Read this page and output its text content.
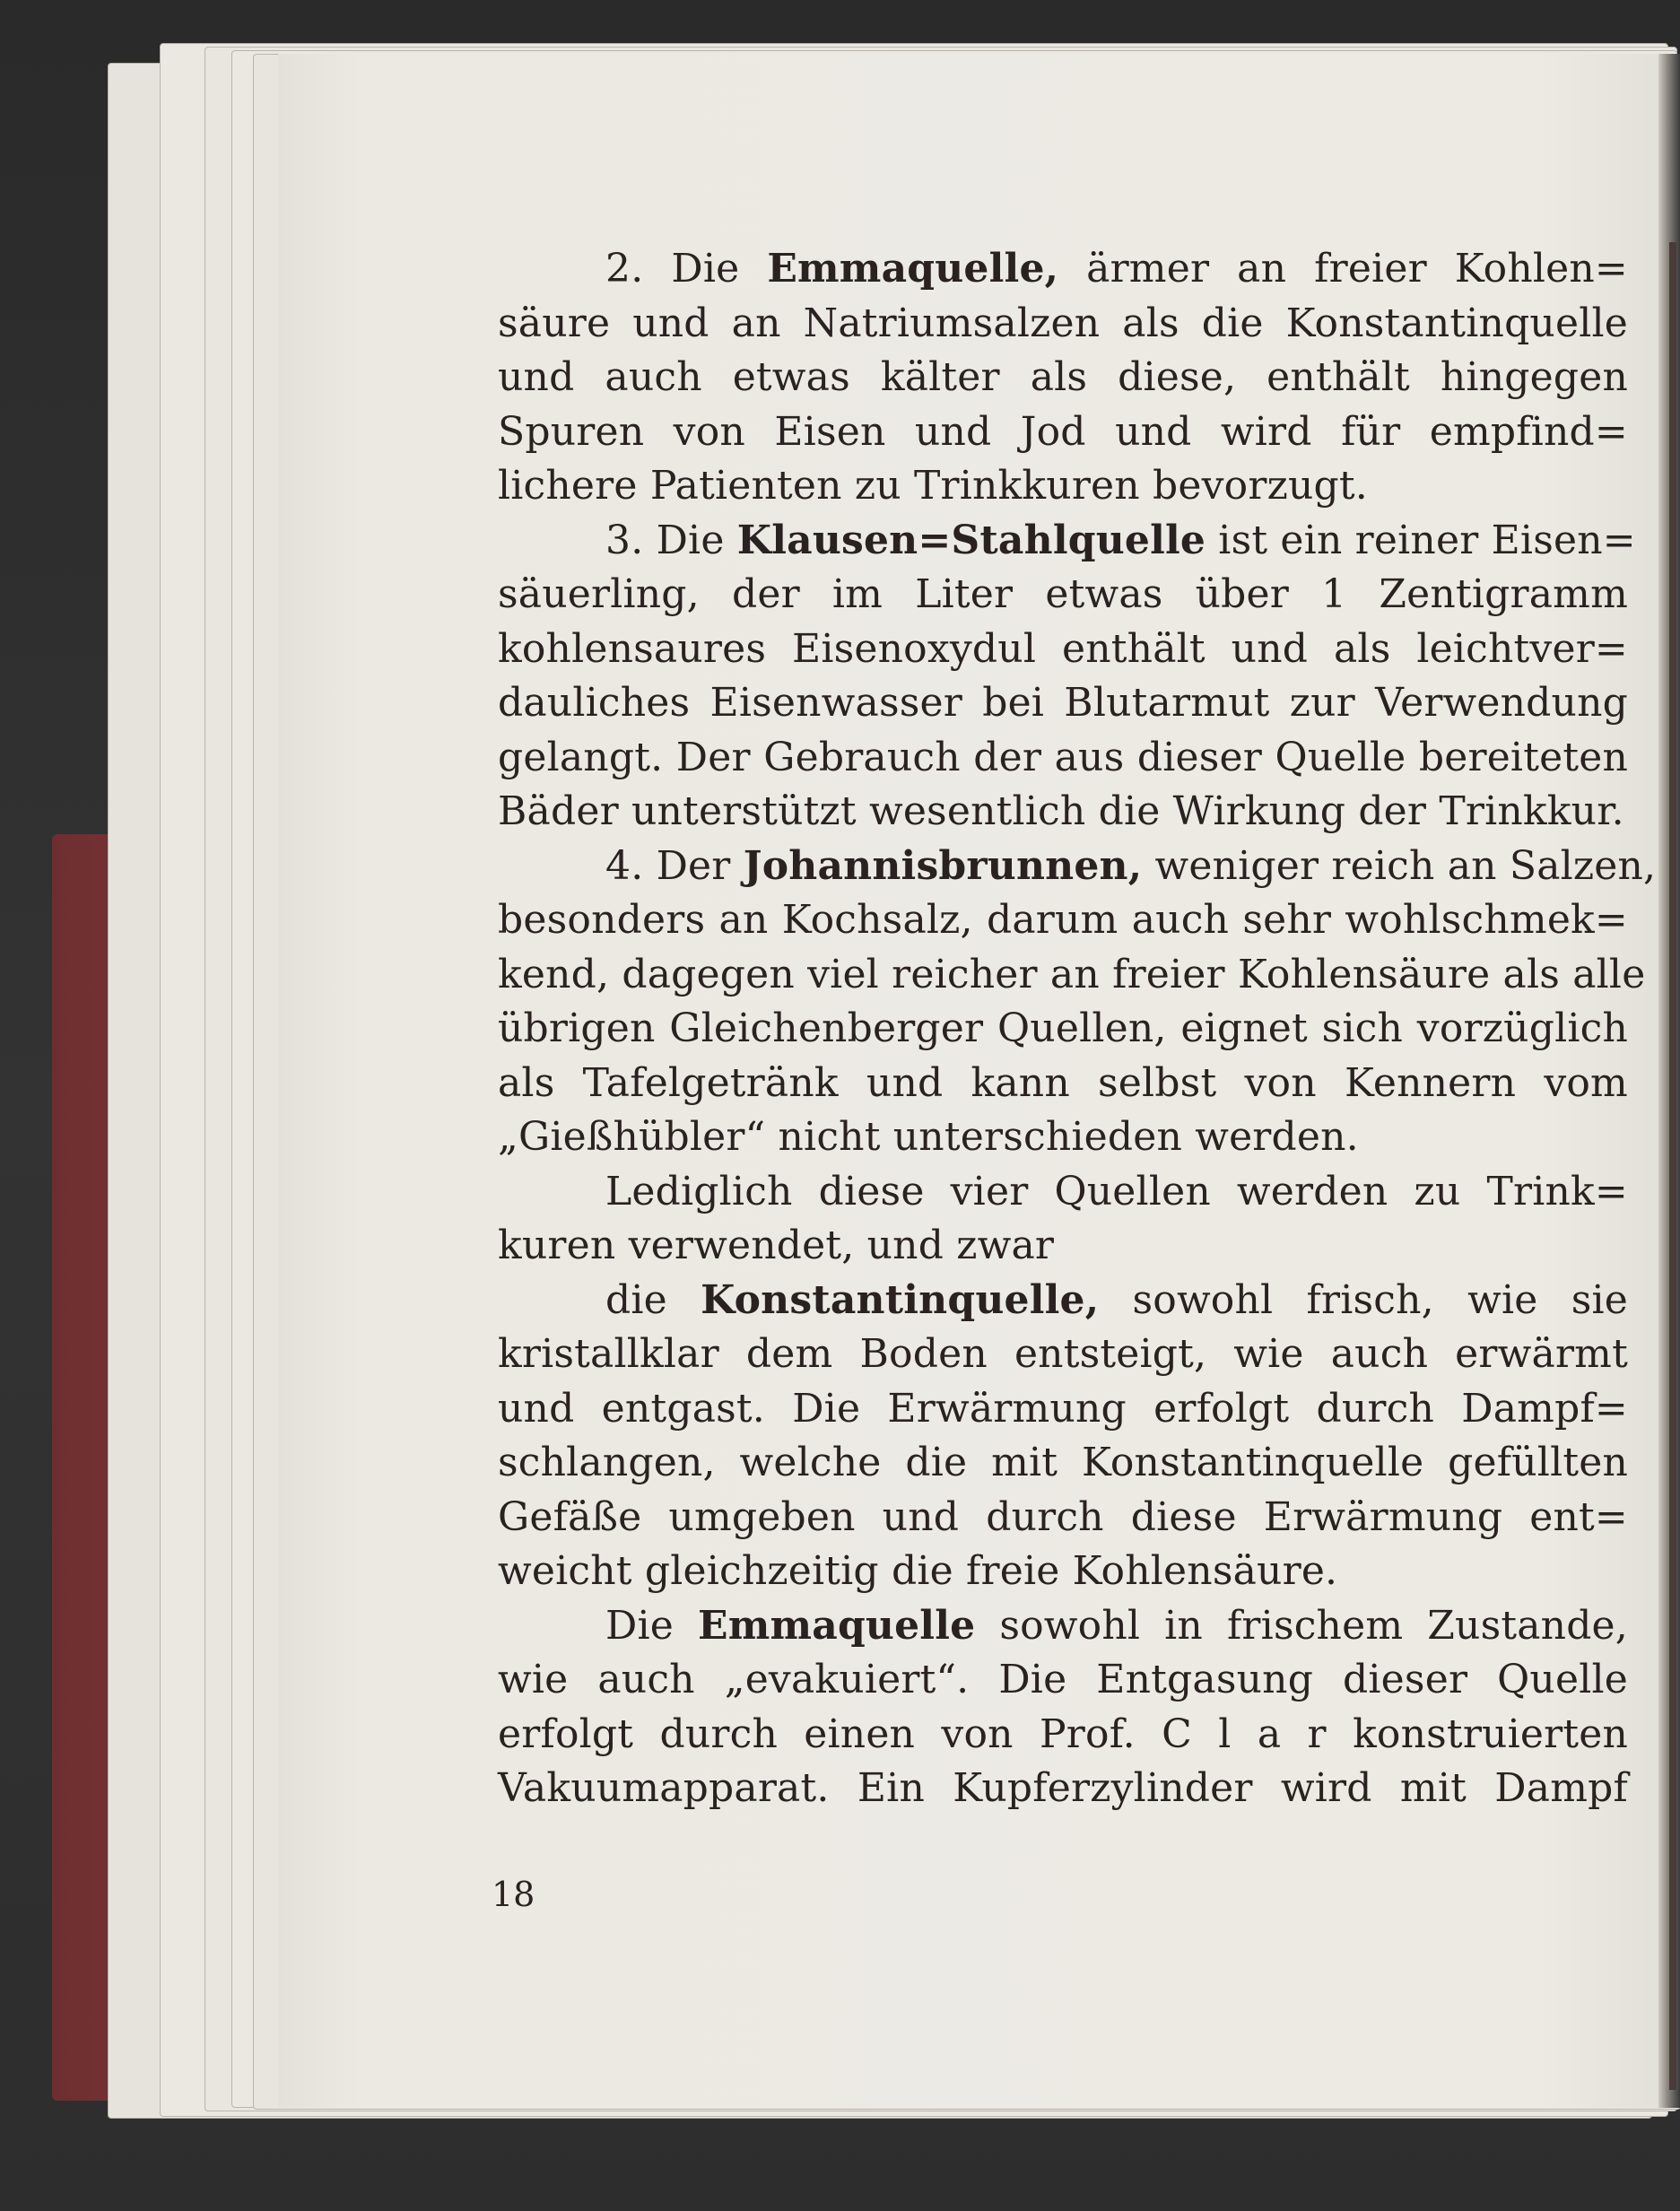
2. Die Emmaquelle, ärmer an freier Kohlen=
säure und an Natriumsalzen als die Konstantinquelle
und auch etwas kälter als diese, enthält hingegen
Spuren von Eisen und Jod und wird für empfind=
lichere Patienten zu Trinkkuren bevorzugt.
3. Die Klausen=Stahlquelle ist ein reiner Eisen=
säuerling, der im Liter etwas über 1 Zentigramm
kohlensaures Eisenoxydul enthält und als leichtver=
dauliches Eisenwasser bei Blutarmut zur Verwendung
gelangt. Der Gebrauch der aus dieser Quelle bereiteten
Bäder unterstützt wesentlich die Wirkung der Trinkkur.
4. Der Johannisbrunnen, weniger reich an Salzen,
besonders an Kochsalz, darum auch sehr wohlschmek=
kend, dagegen viel reicher an freier Kohlensäure als alle
übrigen Gleichenberger Quellen, eignet sich vorzüglich
als Tafelgetränk und kann selbst von Kennern vom
„Gießhübler“ nicht unterschieden werden.
Lediglich diese vier Quellen werden zu Trink=
kuren verwendet, und zwar
die Konstantinquelle, sowohl frisch, wie sie
kristallklar dem Boden entsteigt, wie auch erwärmt
und entgast. Die Erwärmung erfolgt durch Dampf=
schlangen, welche die mit Konstantinquelle gefüllten
Gefäße umgeben und durch diese Erwärmung ent=
weicht gleichzeitig die freie Kohlensäure.
Die Emmaquelle sowohl in frischem Zustande,
wie auch „evakuiert“. Die Entgasung dieser Quelle
erfolgt durch einen von Prof. C l a r konstruierten
Vakuumapparat. Ein Kupferzylinder wird mit Dampf
18
